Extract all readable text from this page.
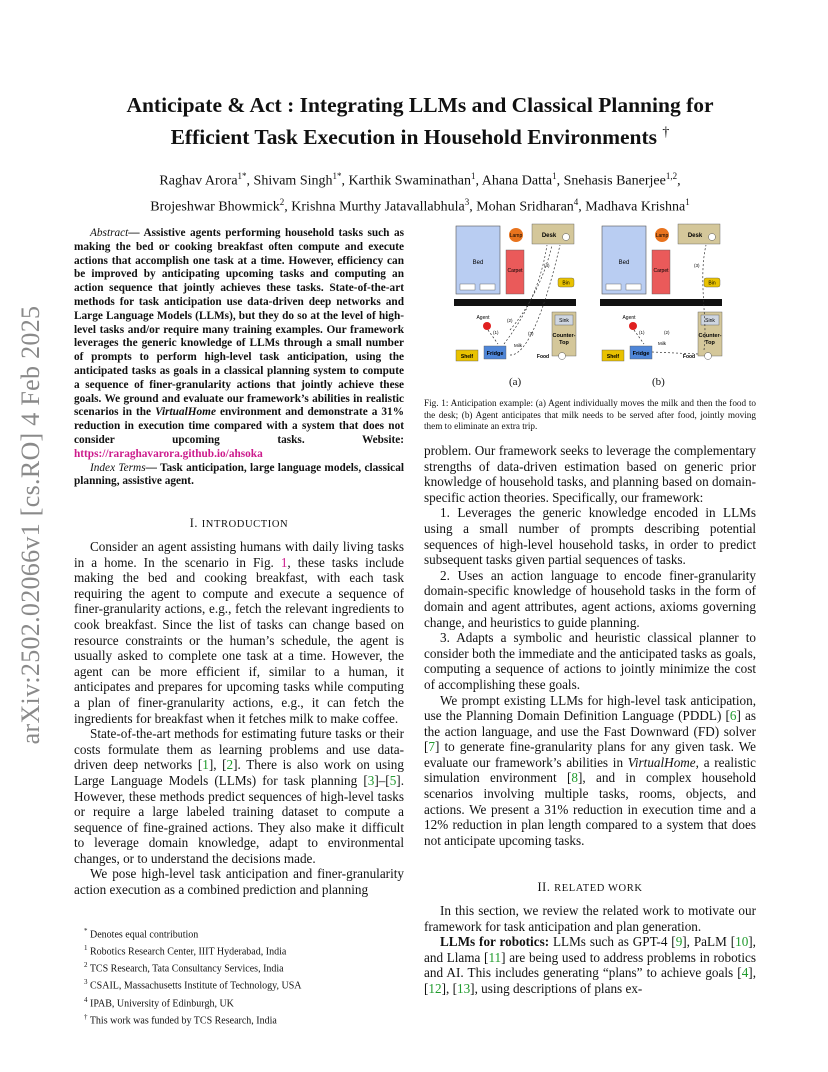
arXiv:2502.02066v1 [cs.RO] 4 Feb 2025
Anticipate & Act : Integrating LLMs and Classical Planning for
Efficient Task Execution in Household Environments †
Raghav Arora$^{1*}$, Shivam Singh$^{1*}$, Karthik Swaminathan$^1$, Ahana Datta$^1$, Snehasis Banerjee$^{1,2}$,
Brojeshwar Bhowmick$^2$, Krishna Murthy Jatavallabhula$^3$, Mohan Sridharan$^4$, Madhava Krishna$^1$

Abstract— Assistive agents performing household tasks such as making the bed or cooking breakfast often compute and execute actions that accomplish one task at a time. However, efficiency can be improved by anticipating upcoming tasks and computing an action sequence that jointly achieves these tasks. State-of-the-art methods for task anticipation use data-driven deep networks and Large Language Models (LLMs), but they do so at the level of high-level tasks and/or require many training examples. Our framework leverages the generic knowledge of LLMs through a small number of prompts to perform high-level task anticipation, using the anticipated tasks as goals in a classical planning system to compute a sequence of finer-granularity actions that jointly achieve these goals. We ground and evaluate our framework’s abilities in realistic scenarios in the VirtualHome environment and demonstrate a 31% reduction in execution time compared with a system that does not consider upcoming tasks. Website: https://raraghavarora.github.io/ahsoka

Index Terms— Task anticipation, large language models, classical planning, assistive agent.

I. INTRODUCTION

Consider an agent assisting humans with daily living tasks in a home. In the scenario in Fig. 1, these tasks include making the bed and cooking breakfast, with each task requiring the agent to compute and execute a sequence of finer-granularity actions, e.g., fetch the relevant ingredients to cook breakfast. Since the list of tasks can change based on resource constraints or the human’s schedule, the agent is usually asked to complete one task at a time. However, the agent can be more efficient if, similar to a human, it anticipates and prepares for upcoming tasks while computing a plan of finer-granularity actions, e.g., it can fetch the ingredients for breakfast when it fetches milk to make coffee.

State-of-the-art methods for estimating future tasks or their costs formulate them as learning problems and use data-driven deep networks [1], [2]. There is also work on using Large Language Models (LLMs) for task planning [3]–[5]. However, these methods predict sequences of high-level tasks or require a large labeled training dataset to compute a sequence of fine-grained actions. They also make it difficult to leverage domain knowledge, adapt to environmental changes, or to understand the decisions made.

We pose high-level task anticipation and finer-granularity action execution as a combined prediction and planning

* Denotes equal contribution
$^1$ Robotics Research Center, IIIT Hyderabad, India
$^2$ TCS Research, Tata Consultancy Services, India
$^3$ CSAIL, Massachusetts Institute of Technology, USA
$^4$ IPAB, University of Edinburgh, UK
† This work was funded by TCS Research, India
Bed
Carpet
Lamp	Desk
Bin
Agent
(1)
(2)
(3)
(4)
Sink
Counter-
Top
Food
Shelf Fridge
Milk
Bed
Carpet
Lamp	Desk
Bin
Agent
(1)	(2)
(3)
Sink
Counter-
Top
Food
Shelf Fridge
Milk
(a)	(b)
Fig. 1: Anticipation example: (a) Agent individually moves the milk and then the food to the desk; (b) Agent anticipates that milk needs to be served after food, jointly moving them to eliminate an extra trip.

problem. Our framework seeks to leverage the complementary strengths of data-driven estimation based on generic prior knowledge of household tasks, and planning based on domain-specific action theories. Specifically, our framework:

1. Leverages the generic knowledge encoded in LLMs using a small number of prompts describing potential sequences of high-level household tasks, in order to predict subsequent tasks given partial sequences of tasks.

2. Uses an action language to encode finer-granularity domain-specific knowledge of household tasks in the form of domain and agent attributes, agent actions, axioms governing change, and heuristics to guide planning.

3. Adapts a symbolic and heuristic classical planner to consider both the immediate and the anticipated tasks as goals, computing a sequence of actions to jointly minimize the cost of accomplishing these goals.

We prompt existing LLMs for high-level task anticipation, use the Planning Domain Definition Language (PDDL) [6] as the action language, and use the Fast Downward (FD) solver [7] to generate fine-granularity plans for any given task. We evaluate our framework’s abilities in VirtualHome, a realistic simulation environment [8], and in complex household scenarios involving multiple tasks, rooms, objects, and actions. We present a 31% reduction in execution time and a 12% reduction in plan length compared to a system that does not anticipate upcoming tasks.

II. RELATED WORK

In this section, we review the related work to motivate our framework for task anticipation and plan generation.

LLMs for robotics: LLMs such as GPT-4 [9], PaLM [10], and Llama [11] are being used to address problems in robotics and AI. This includes generating “plans” to achieve goals [4], [12], [13], using descriptions of plans ex-
